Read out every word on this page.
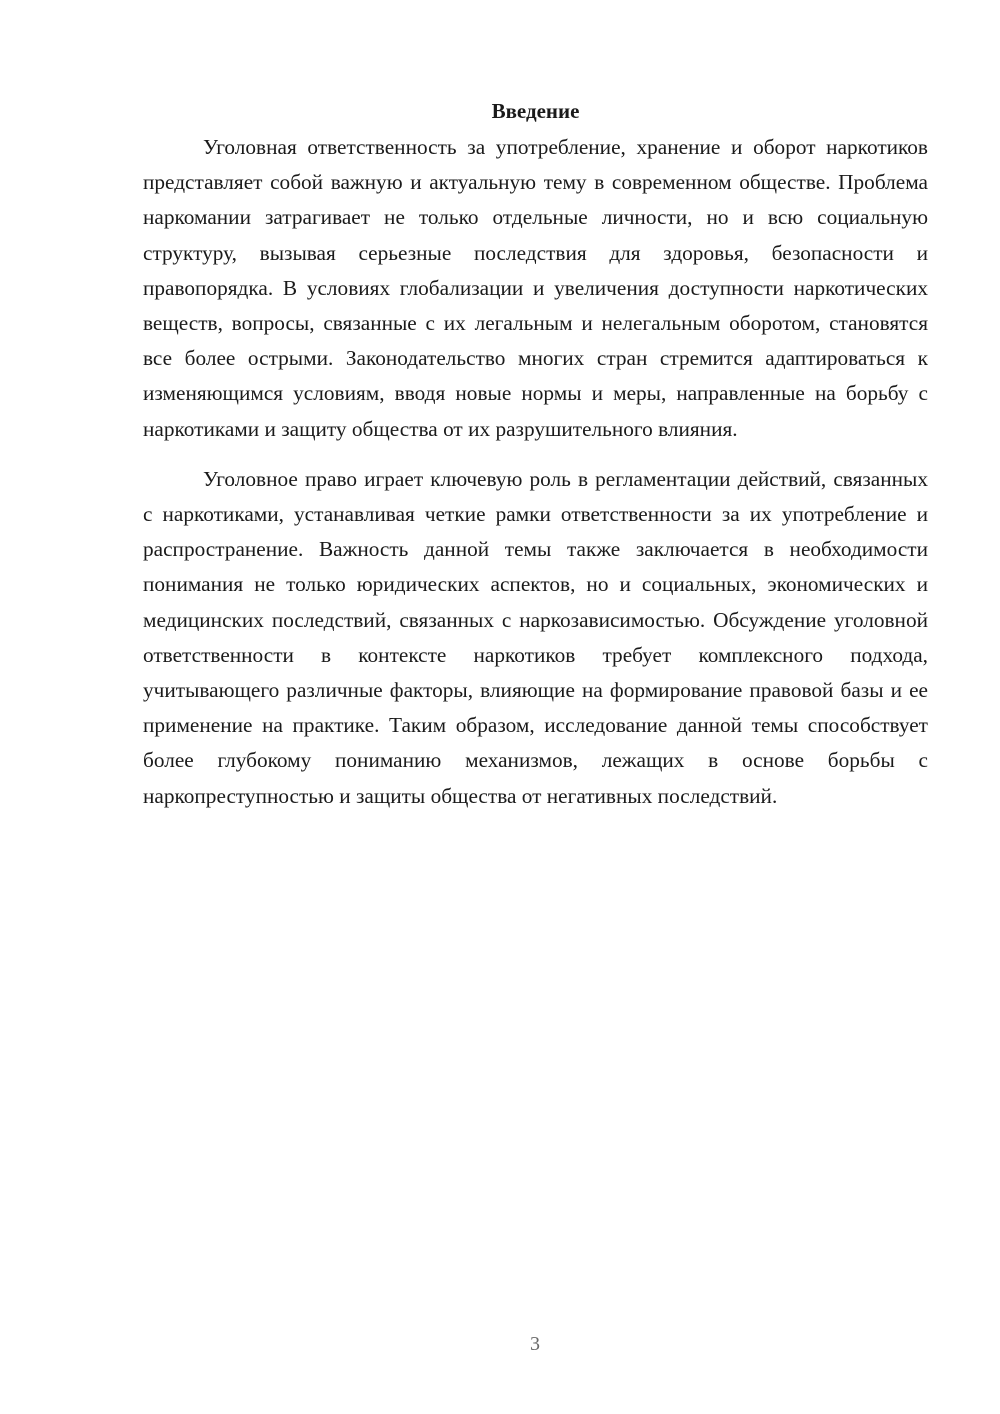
Введение

Уголовная ответственность за употребление, хранение и оборот наркотиков представляет собой важную и актуальную тему в современном обществе. Проблема наркомании затрагивает не только отдельные личности, но и всю социальную структуру, вызывая серьезные последствия для здоровья, безопасности и правопорядка. В условиях глобализации и увеличения доступности наркотических веществ, вопросы, связанные с их легальным и нелегальным оборотом, становятся все более острыми. Законодательство многих стран стремится адаптироваться к изменяющимся условиям, вводя новые нормы и меры, направленные на борьбу с наркотиками и защиту общества от их разрушительного влияния.

Уголовное право играет ключевую роль в регламентации действий, связанных с наркотиками, устанавливая четкие рамки ответственности за их употребление и распространение. Важность данной темы также заключается в необходимости понимания не только юридических аспектов, но и социальных, экономических и медицинских последствий, связанных с наркозависимостью. Обсуждение уголовной ответственности в контексте наркотиков требует комплексного подхода, учитывающего различные факторы, влияющие на формирование правовой базы и ее применение на практике. Таким образом, исследование данной темы способствует более глубокому пониманию механизмов, лежащих в основе борьбы с наркопреступностью и защиты общества от негативных последствий.

3
